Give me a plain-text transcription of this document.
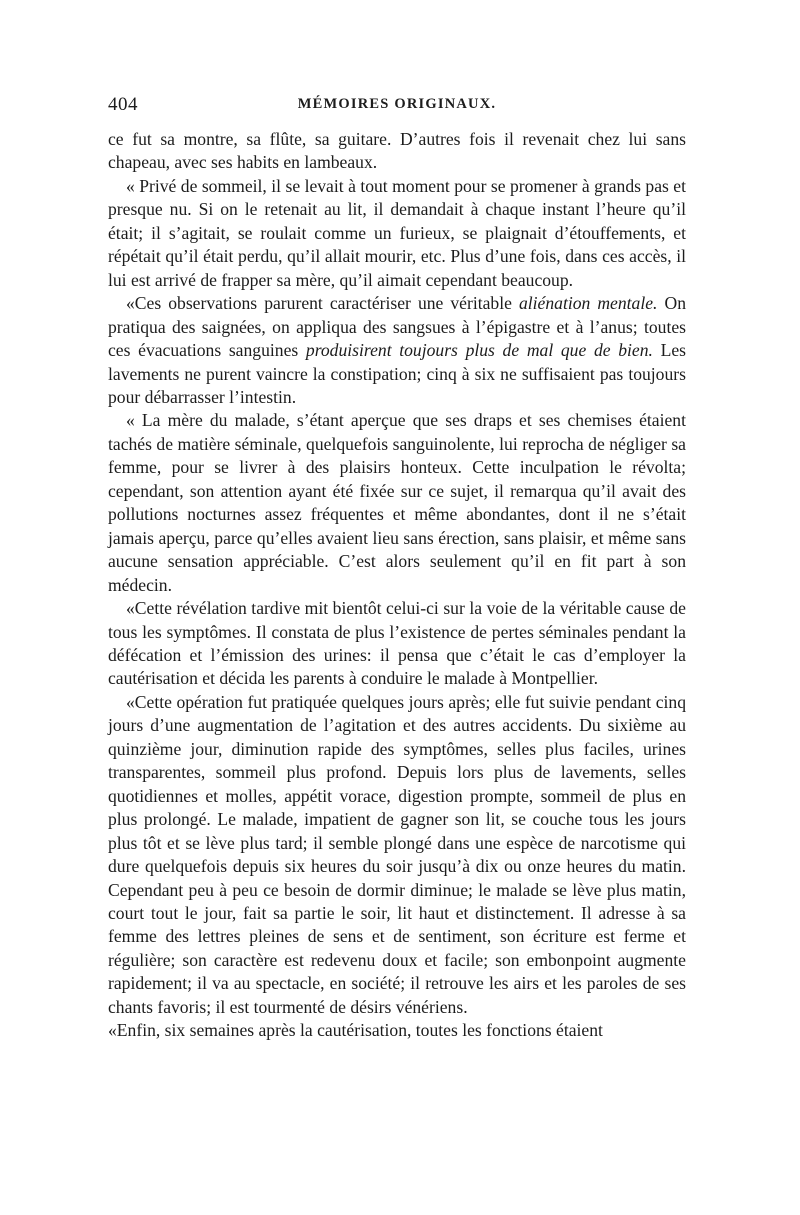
404	MÉMOIRES ORIGINAUX.

ce fut sa montre, sa flûte, sa guitare. D’autres fois il revenait chez lui sans chapeau, avec ses habits en lambeaux.

« Privé de sommeil, il se levait à tout moment pour se promener à grands pas et presque nu. Si on le retenait au lit, il demandait à chaque instant l’heure qu’il était; il s’agitait, se roulait comme un furieux, se plaignait d’étouffements, et répétait qu’il était perdu, qu’il allait mourir, etc. Plus d’une fois, dans ces accès, il lui est arrivé de frapper sa mère, qu’il aimait cependant beaucoup.

«Ces observations parurent caractériser une véritable aliénation mentale. On pratiqua des saignées, on appliqua des sangsues à l’épigastre et à l’anus; toutes ces évacuations sanguines produisirent toujours plus de mal que de bien. Les lavements ne purent vaincre la constipation; cinq à six ne suffisaient pas toujours pour débarrasser l’intestin.

« La mère du malade, s’étant aperçue que ses draps et ses chemises étaient tachés de matière séminale, quelquefois sanguinolente, lui reprocha de négliger sa femme, pour se livrer à des plaisirs honteux. Cette inculpation le révolta; cependant, son attention ayant été fixée sur ce sujet, il remarqua qu’il avait des pollutions nocturnes assez fréquentes et même abondantes, dont il ne s’était jamais aperçu, parce qu’elles avaient lieu sans érection, sans plaisir, et même sans aucune sensation appréciable. C’est alors seulement qu’il en fit part à son médecin.

«Cette révélation tardive mit bientôt celui-ci sur la voie de la véritable cause de tous les symptômes. Il constata de plus l’existence de pertes séminales pendant la défécation et l’émission des urines: il pensa que c’était le cas d’employer la cautérisation et décida les parents à conduire le malade à Montpellier.

«Cette opération fut pratiquée quelques jours après; elle fut suivie pendant cinq jours d’une augmentation de l’agitation et des autres accidents. Du sixième au quinzième jour, diminution rapide des symptômes, selles plus faciles, urines transparentes, sommeil plus profond. Depuis lors plus de lavements, selles quotidiennes et molles, appétit vorace, digestion prompte, sommeil de plus en plus prolongé. Le malade, impatient de gagner son lit, se couche tous les jours plus tôt et se lève plus tard; il semble plongé dans une espèce de narcotisme qui dure quelquefois depuis six heures du soir jusqu’à dix ou onze heures du matin. Cependant peu à peu ce besoin de dormir diminue; le malade se lève plus matin, court tout le jour, fait sa partie le soir, lit haut et distinctement. Il adresse à sa femme des lettres pleines de sens et de sentiment, son écriture est ferme et régulière; son caractère est redevenu doux et facile; son embonpoint augmente rapidement; il va au spectacle, en société; il retrouve les airs et les paroles de ses chants favoris; il est tourmenté de désirs vénériens.

«Enfin, six semaines après la cautérisation, toutes les fonctions étaient
